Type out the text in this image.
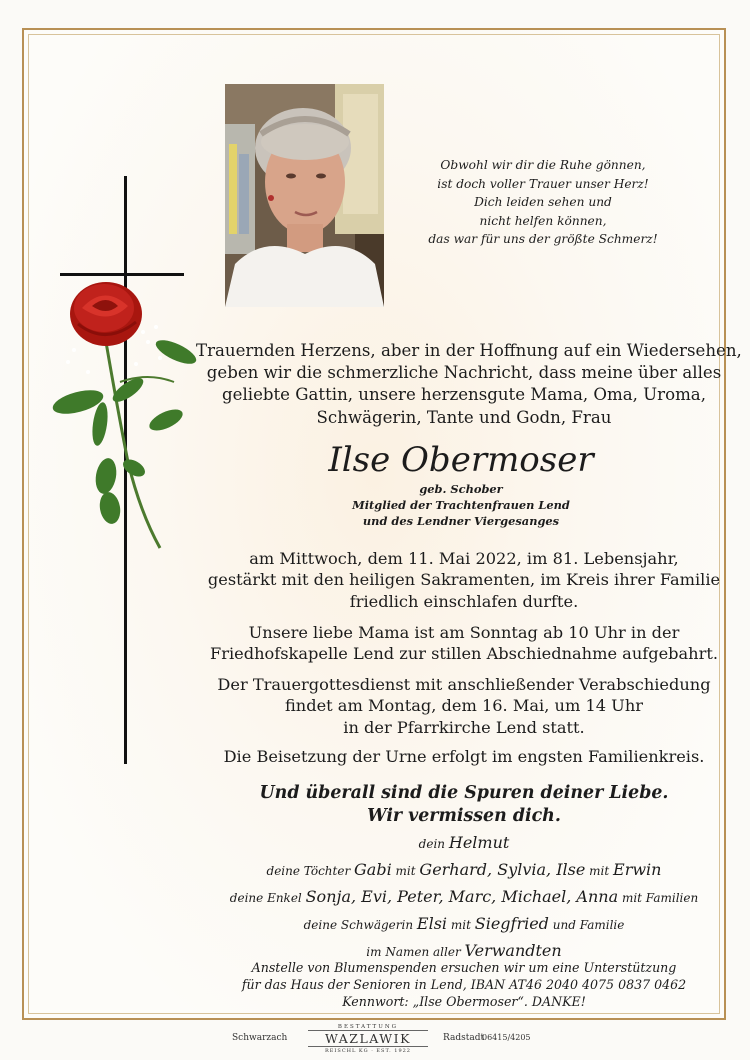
Obwohl wir dir die Ruhe gönnen,
ist doch voller Trauer unser Herz!
Dich leiden sehen und
nicht helfen können,
das war für uns der größte Schmerz!
Trauernden Herzens, aber in der Hoffnung auf ein Wiedersehen,
geben wir die schmerzliche Nachricht, dass meine über alles
geliebte Gattin, unsere herzensgute Mama, Oma, Uroma,
Schwägerin, Tante und Godn, Frau
Ilse Obermoser
geb. Schober
Mitglied der Trachtenfrauen Lend
und des Lendner Viergesanges
am Mittwoch, dem 11. Mai 2022, im 81. Lebensjahr,
gestärkt mit den heiligen Sakramenten, im Kreis ihrer Familie
friedlich einschlafen durfte.
Unsere liebe Mama ist am Sonntag ab 10 Uhr in der
Friedhofskapelle Lend zur stillen Abschiednahme aufgebahrt.
Der Trauergottesdienst mit anschließender Verabschiedung
findet am Montag, dem 16. Mai, um 14 Uhr
in der Pfarrkirche Lend statt.
Die Beisetzung der Urne erfolgt im engsten Familienkreis.
Und überall sind die Spuren deiner Liebe.
Wir vermissen dich.
dein Helmut
deine Töchter Gabi mit Gerhard, Sylvia, Ilse mit Erwin
deine Enkel Sonja, Evi, Peter, Marc, Michael, Anna mit Familien
deine Schwägerin Elsi mit Siegfried und Familie
im Namen aller Verwandten
Anstelle von Blumenspenden ersuchen wir um eine Unterstützung
für das Haus der Senioren in Lend, IBAN AT46 2040 4075 0837 0462
Kennwort: „Ilse Obermoser“. DANKE!
Schwarzach
BESTATTUNG
WAZLAWIK
REISCHL KG · EST. 1922
Radstadt
06415/4205
